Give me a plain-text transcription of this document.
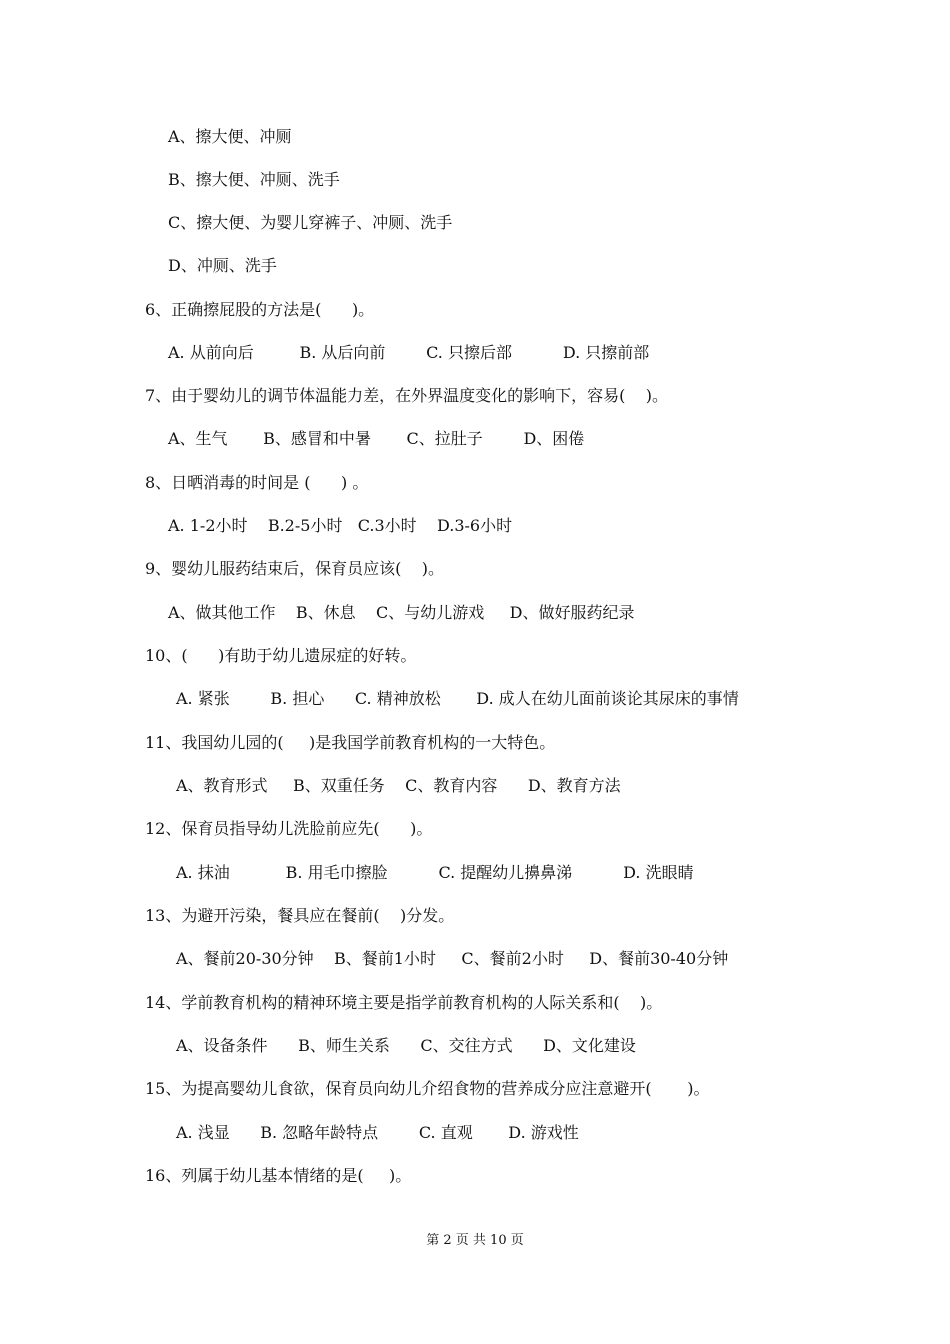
A、擦大便、冲厕
B、擦大便、冲厕、洗手
C、擦大便、为婴儿穿裤子、冲厕、洗手
D、冲厕、洗手
6、正确擦屁股的方法是(      )。
A. 从前向后         B. 从后向前        C. 只擦后部          D. 只擦前部
7、由于婴幼儿的调节体温能力差，在外界温度变化的影响下，容易(    )。
A、生气       B、感冒和中暑       C、拉肚子        D、困倦
8、日晒消毒的时间是 (      ) 。
A. 1-2小时    B.2-5小时   C.3小时    D.3-6小时
9、婴幼儿服药结束后，保育员应该(    )。
A、做其他工作    B、休息    C、与幼儿游戏     D、做好服药纪录
10、(      )有助于幼儿遗尿症的好转。
A. 紧张        B. 担心      C. 精神放松       D. 成人在幼儿面前谈论其尿床的事情
11、我国幼儿园的(     )是我国学前教育机构的一大特色。
A、教育形式     B、双重任务    C、教育内容      D、教育方法
12、保育员指导幼儿洗脸前应先(      )。
A. 抹油           B. 用毛巾擦脸          C. 提醒幼儿擤鼻涕          D. 洗眼睛
13、为避开污染，餐具应在餐前(    )分发。
A、餐前20-30分钟    B、餐前1小时     C、餐前2小时     D、餐前30-40分钟
14、学前教育机构的精神环境主要是指学前教育机构的人际关系和(    )。
A、设备条件      B、师生关系      C、交往方式      D、文化建设
15、为提高婴幼儿食欲，保育员向幼儿介绍食物的营养成分应注意避开(       )。
A. 浅显      B. 忽略年龄特点        C. 直观       D. 游戏性
16、列属于幼儿基本情绪的是(     )。
第 2 页 共 10 页
